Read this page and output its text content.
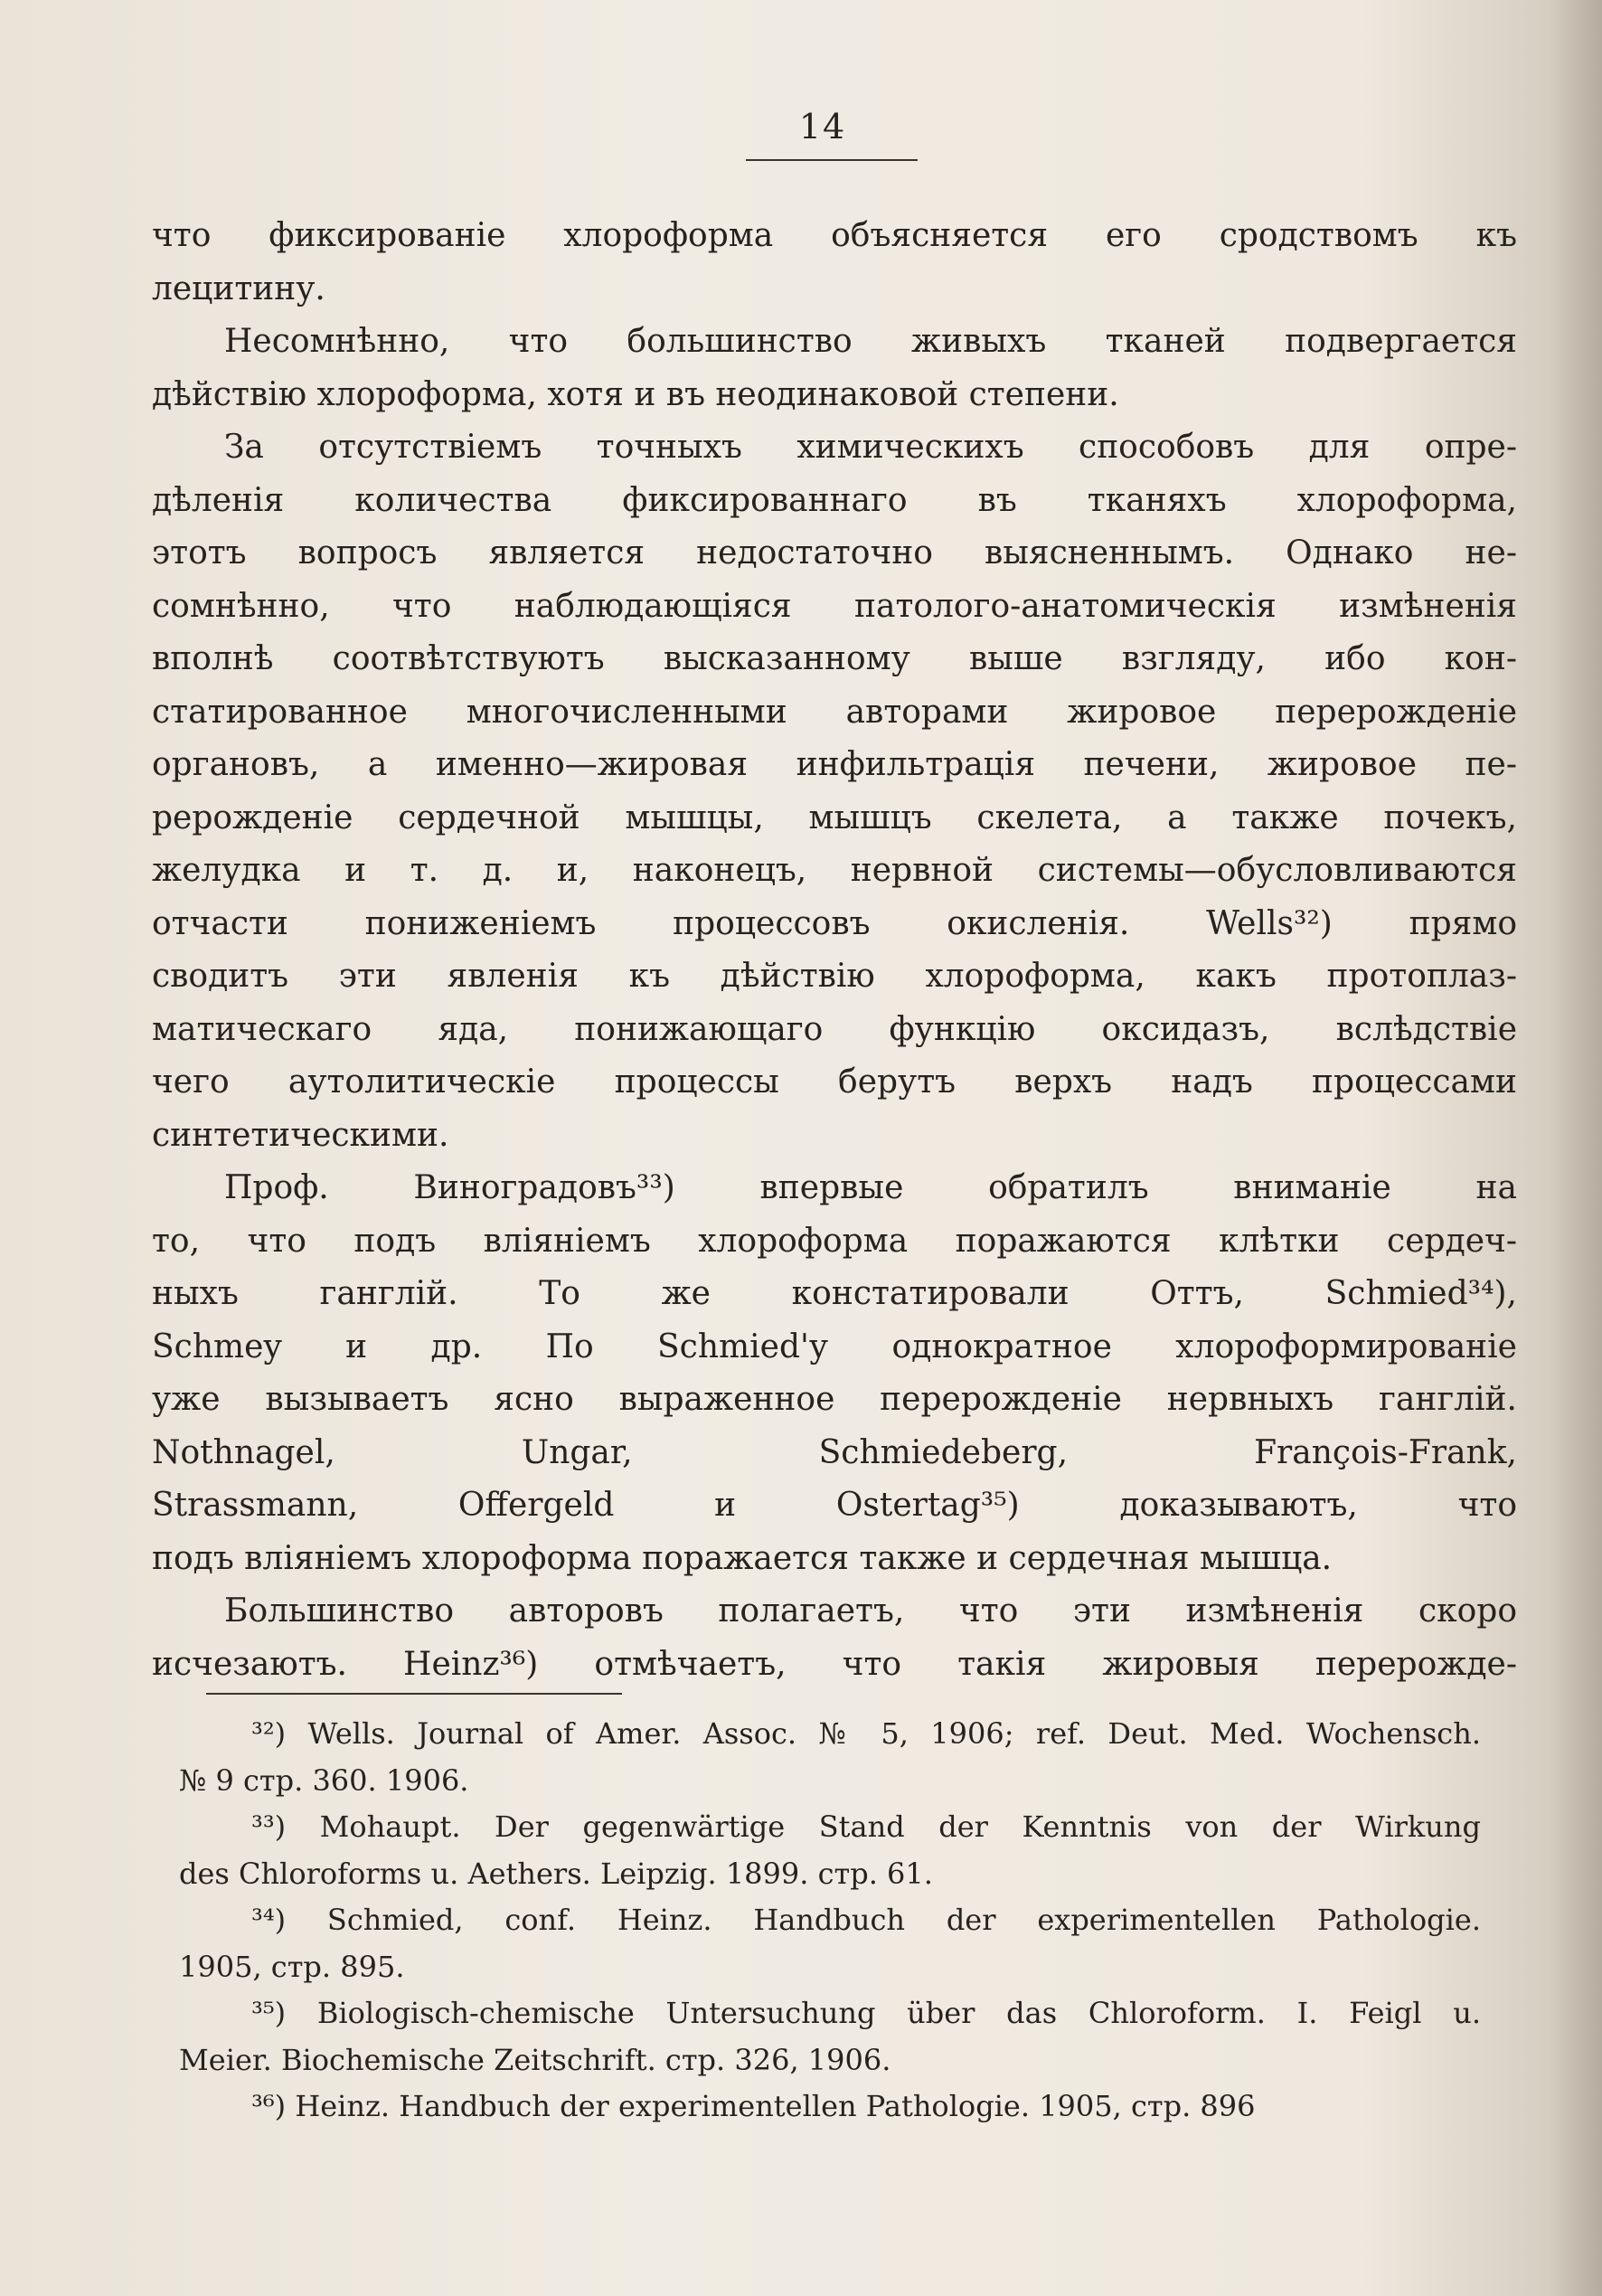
14
что фиксированіе хлороформа объясняется его сродствомъ къ
лецитину.
Несомнѣнно, что большинство живыхъ тканей подвергается
дѣйствію хлороформа, хотя и въ неодинаковой степени.
За отсутствіемъ точныхъ химическихъ способовъ для опре-
дѣленія количества фиксированнаго въ тканяхъ хлороформа,
этотъ вопросъ является недостаточно выясненнымъ. Однако не-
сомнѣнно, что наблюдающіяся патолого-анатомическія измѣненія
вполнѣ соотвѣтствуютъ высказанному выше взгляду, ибо кон-
статированное многочисленными авторами жировое перерожденіе
органовъ, а именно—жировая инфильтрація печени, жировое пе-
рерожденіе сердечной мышцы, мышцъ скелета, а также почекъ,
желудка и т. д. и, наконецъ, нервной системы—обусловливаются
отчасти пониженіемъ процессовъ окисленія. Wells³²) прямо
сводитъ эти явленія къ дѣйствію хлороформа, какъ протоплаз-
матическаго яда, понижающаго функцію оксидазъ, вслѣдствіе
чего аутолитическіе процессы берутъ верхъ надъ процессами
синтетическими.
Проф. Виноградовъ³³) впервые обратилъ вниманіе на
то, что подъ вліяніемъ хлороформа поражаются клѣтки сердеч-
ныхъ ганглій. То же констатировали Оттъ, Schmied³⁴),
Schmey и др. По Schmied'у однократное хлороформированіе
уже вызываетъ ясно выраженное перерожденіе нервныхъ ганглій.
Nothnagel, Ungar, Schmiedeberg, François-Frank,
Strassmann, Offergeld и Ostertag³⁵) доказываютъ, что
подъ вліяніемъ хлороформа поражается также и сердечная мышца.
Большинство авторовъ полагаетъ, что эти измѣненія скоро
исчезаютъ. Heinz³⁶) отмѣчаетъ, что такія жировыя перерожде-
³²) Wells. Journal of Amer. Assoc. № 5, 1906; ref. Deut. Med. Wochensch.
№ 9 стр. 360. 1906.
³³) Mohaupt. Der gegenwärtige Stand der Kenntnis von der Wirkung
des Chloroforms u. Aethers. Leipzig. 1899. стр. 61.
³⁴) Schmied, conf. Heinz. Handbuch der experimentellen Pathologie.
1905, стр. 895.
³⁵) Biologisch-chemische Untersuchung über das Chloroform. I. Feigl u.
Meier. Biochemische Zeitschrift. стр. 326, 1906.
³⁶) Heinz. Handbuch der experimentellen Pathologie. 1905, стр. 896
